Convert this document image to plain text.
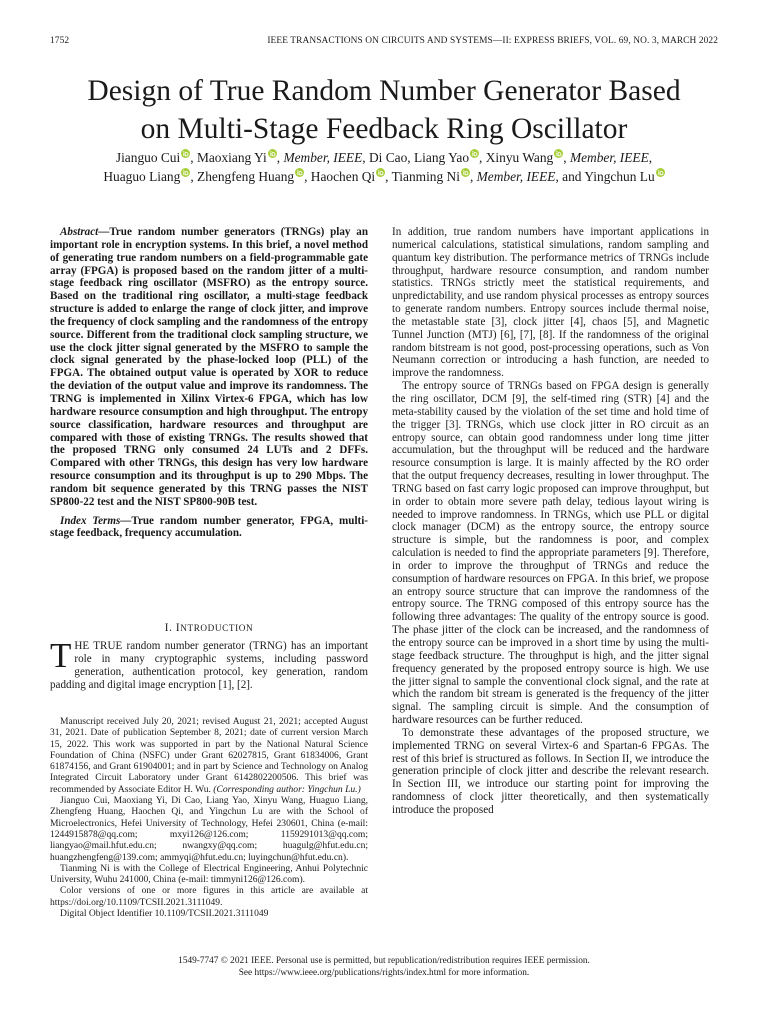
1752	IEEE TRANSACTIONS ON CIRCUITS AND SYSTEMS—II: EXPRESS BRIEFS, VOL. 69, NO. 3, MARCH 2022
Design of True Random Number Generator Based
on Multi-Stage Feedback Ring Oscillator
Jianguo Cui , Maoxiang Yi , Member, IEEE, Di Cao, Liang Yao , Xinyu Wang , Member, IEEE,
Huaguo Liang , Zhengfeng Huang , Haochen Qi , Tianming Ni , Member, IEEE, and Yingchun Lu

Abstract—True random number generators (TRNGs) play an important role in encryption systems. In this brief, a novel method of generating true random numbers on a field-programmable gate array (FPGA) is proposed based on the random jitter of a multi-stage feedback ring oscillator (MSFRO) as the entropy source. Based on the traditional ring oscillator, a multi-stage feedback structure is added to enlarge the range of clock jitter, and improve the frequency of clock sampling and the randomness of the entropy source. Different from the traditional clock sampling structure, we use the clock jitter signal generated by the MSFRO to sample the clock signal generated by the phase-locked loop (PLL) of the FPGA. The obtained output value is operated by XOR to reduce the deviation of the output value and improve its randomness. The TRNG is implemented in Xilinx Virtex-6 FPGA, which has low hardware resource consumption and high throughput. The entropy source classification, hardware resources and throughput are compared with those of existing TRNGs. The results showed that the proposed TRNG only consumed 24 LUTs and 2 DFFs. Compared with other TRNGs, this design has very low hardware resource consumption and its throughput is up to 290 Mbps. The random bit sequence generated by this TRNG passes the NIST SP800-22 test and the NIST SP800-90B test.

Index Terms—True random number generator, FPGA, multi-stage feedback, frequency accumulation.

I. INTRODUCTION

THE TRUE random number generator (TRNG) has an important role in many cryptographic systems, including password generation, authentication protocol, key generation, random padding and digital image encryption [1], [2].

Manuscript received July 20, 2021; revised August 21, 2021; accepted August 31, 2021. Date of publication September 8, 2021; date of current version March 15, 2022. This work was supported in part by the National Natural Science Foundation of China (NSFC) under Grant 62027815, Grant 61834006, Grant 61874156, and Grant 61904001; and in part by Science and Technology on Analog Integrated Circuit Laboratory under Grant 6142802200506. This brief was recommended by Associate Editor H. Wu. (Corresponding author: Yingchun Lu.)

Jianguo Cui, Maoxiang Yi, Di Cao, Liang Yao, Xinyu Wang, Huaguo Liang, Zhengfeng Huang, Haochen Qi, and Yingchun Lu are with the School of Microelectronics, Hefei University of Technology, Hefei 230601, China (e-mail: 1244915878@qq.com; mxyi126@126.com; 1159291013@qq.com; liangyao@mail.hfut.edu.cn; nwangxy@qq.com; huagulg@hfut.edu.cn; huangzhengfeng@139.com; ammyqi@hfut.edu.cn; luyingchun@hfut.edu.cn).

Tianming Ni is with the College of Electrical Engineering, Anhui Polytechnic University, Wuhu 241000, China (e-mail: timmyni126@126.com).

Color versions of one or more figures in this article are available at https://doi.org/10.1109/TCSII.2021.3111049.

Digital Object Identifier 10.1109/TCSII.2021.3111049

In addition, true random numbers have important applications in numerical calculations, statistical simulations, random sampling and quantum key distribution. The performance metrics of TRNGs include throughput, hardware resource consumption, and random number statistics. TRNGs strictly meet the statistical requirements, and unpredictability, and use random physical processes as entropy sources to generate random numbers. Entropy sources include thermal noise, the metastable state [3], clock jitter [4], chaos [5], and Magnetic Tunnel Junction (MTJ) [6], [7], [8]. If the randomness of the original random bitstream is not good, post-processing operations, such as Von Neumann correction or introducing a hash function, are needed to improve the randomness.

The entropy source of TRNGs based on FPGA design is generally the ring oscillator, DCM [9], the self-timed ring (STR) [4] and the meta-stability caused by the violation of the set time and hold time of the trigger [3]. TRNGs, which use clock jitter in RO circuit as an entropy source, can obtain good randomness under long time jitter accumulation, but the throughput will be reduced and the hardware resource consumption is large. It is mainly affected by the RO order that the output frequency decreases, resulting in lower throughput. The TRNG based on fast carry logic proposed can improve throughput, but in order to obtain more severe path delay, tedious layout wiring is needed to improve randomness. In TRNGs, which use PLL or digital clock manager (DCM) as the entropy source, the entropy source structure is simple, but the randomness is poor, and complex calculation is needed to find the appropriate parameters [9]. Therefore, in order to improve the throughput of TRNGs and reduce the consumption of hardware resources on FPGA. In this brief, we propose an entropy source structure that can improve the randomness of the entropy source. The TRNG composed of this entropy source has the following three advantages: The quality of the entropy source is good. The phase jitter of the clock can be increased, and the randomness of the entropy source can be improved in a short time by using the multi-stage feedback structure. The throughput is high, and the jitter signal frequency generated by the proposed entropy source is high. We use the jitter signal to sample the conventional clock signal, and the rate at which the random bit stream is generated is the frequency of the jitter signal. The sampling circuit is simple. And the consumption of hardware resources can be further reduced.

To demonstrate these advantages of the proposed structure, we implemented TRNG on several Virtex-6 and Spartan-6 FPGAs. The rest of this brief is structured as follows. In Section II, we introduce the generation principle of clock jitter and describe the relevant research. In Section III, we introduce our starting point for improving the randomness of clock jitter theoretically, and then systematically introduce the proposed

1549-7747 © 2021 IEEE. Personal use is permitted, but republication/redistribution requires IEEE permission.
See https://www.ieee.org/publications/rights/index.html for more information.
